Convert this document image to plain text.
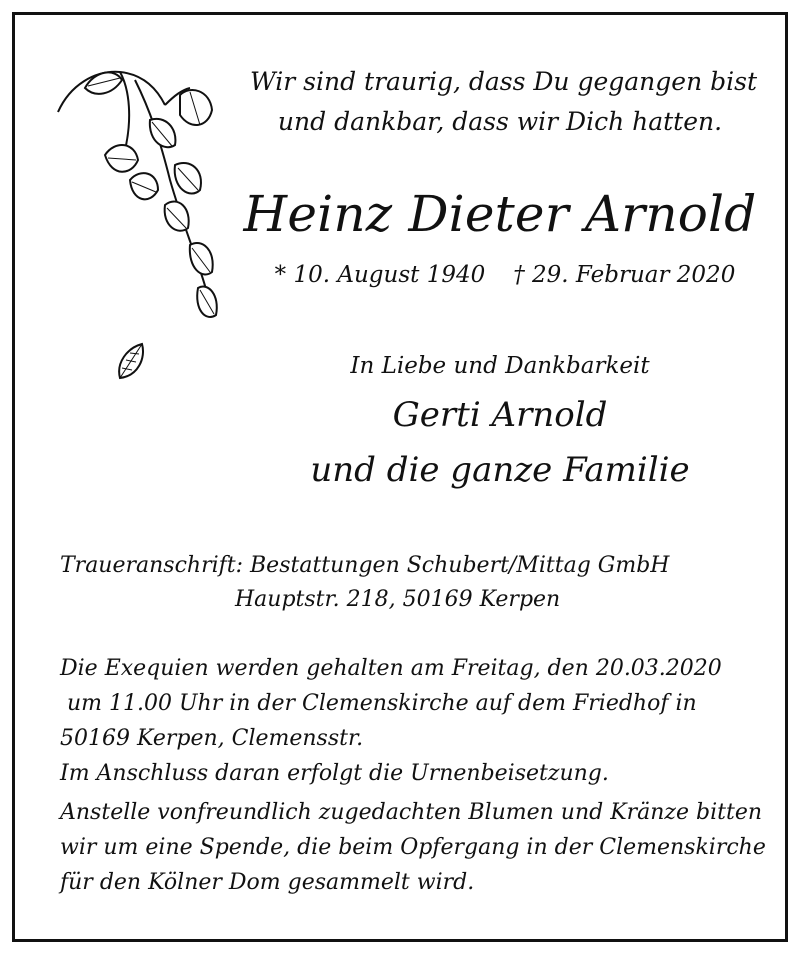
Wir sind traurig, dass Du gegangen bist
und dankbar, dass wir Dich hatten.
Heinz Dieter Arnold
* 10. August 1940 † 29. Februar 2020
In Liebe und Dankbarkeit
Gerti Arnold
und die ganze Familie
Traueranschrift: Bestattungen Schubert/Mittag GmbH
Hauptstr. 218, 50169 Kerpen
Die Exequien werden gehalten am Freitag, den 20.03.2020
um 11.00 Uhr in der Clemenskirche auf dem Friedhof in
50169 Kerpen, Clemensstr.
Im Anschluss daran erfolgt die Urnenbeisetzung.
Anstelle vonfreundlich zugedachten Blumen und Kränze bitten
wir um eine Spende, die beim Opfergang in der Clemenskirche
für den Kölner Dom gesammelt wird.
